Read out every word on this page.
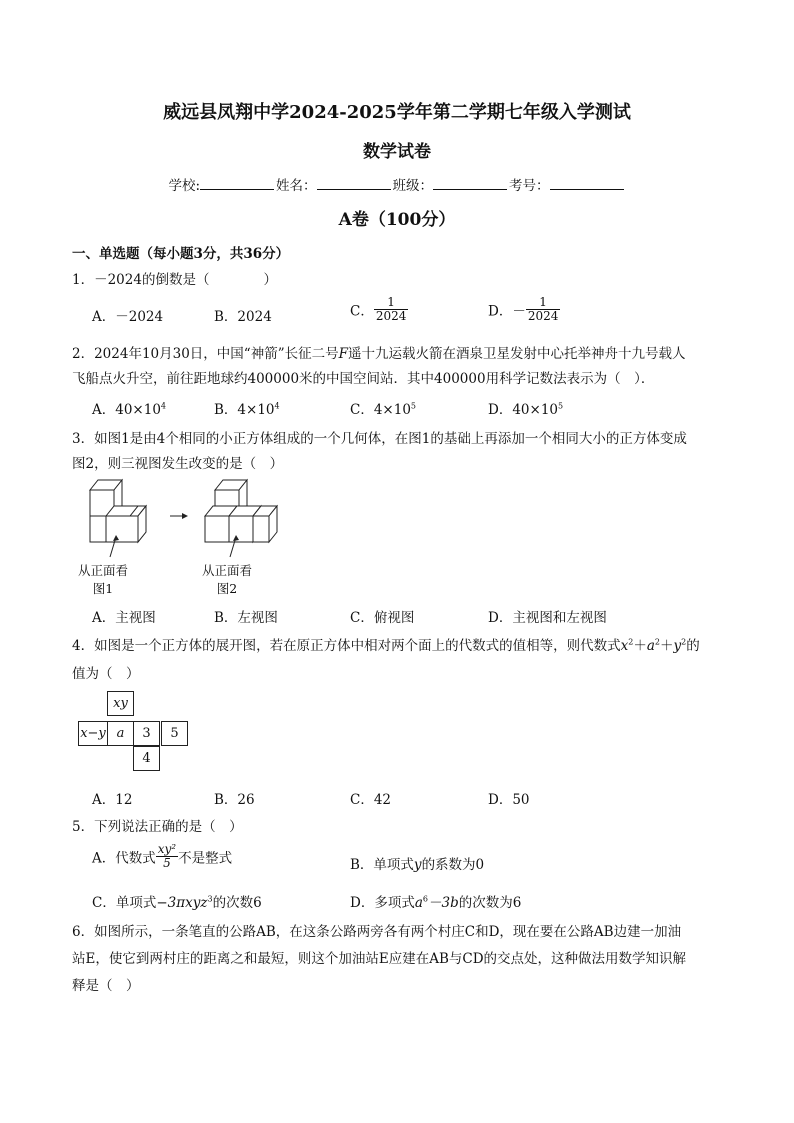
威远县凤翔中学2024-2025学年第二学期七年级入学测试
数学试卷
学校:	姓名：	班级：	考号：
A卷（100分）
一、单选题（每小题3分，共36分）
1．－2024的倒数是（　　　　）
A．－2024	B．2024	C． $\frac{1}{2024}$	D．－ $\frac{1}{2024}$
2．2024年10月30日，中国“神箭”长征二号F遥十九运载火箭在酒泉卫星发射中心托举神舟十九号载人
飞船点火升空，前往距地球约400000米的中国空间站．其中400000用科学记数法表示为（　）．
A．$40\times 10^4$	B．$4\times 10^4$	C．$4\times 10^5$	D．$40\times 10^5$
3．如图1是由4个相同的小正方体组成的一个几何体，在图1的基础上再添加一个相同大小的正方体变成
图2，则三视图发生改变的是（　）
从正面看
图1
从正面看
图2
A．主视图	B．左视图	C．俯视图	D．主视图和左视图
4．如图是一个正方体的展开图，若在原正方体中相对两个面上的代数式的值相等，则代数式$x^2+a^2+y^2$的
值为（　）
xy
x−y a	3	5
4
A．12	B．26	C．42	D．50
5．下列说法正确的是（　）
A．代数式 $\frac{\text{xy²}}{5}$ 不是整式	B．单项式y的系数为0
C．单项式−3πxyz$^3$的次数6	D．多项式$a^6-3b$的次数为6
6．如图所示，一条笔直的公路AB，在这条公路两旁各有两个村庄C和D，现在要在公路AB边建一加油
站E，使它到两村庄的距离之和最短，则这个加油站E应建在AB与CD的交点处，这种做法用数学知识解
释是（　）
